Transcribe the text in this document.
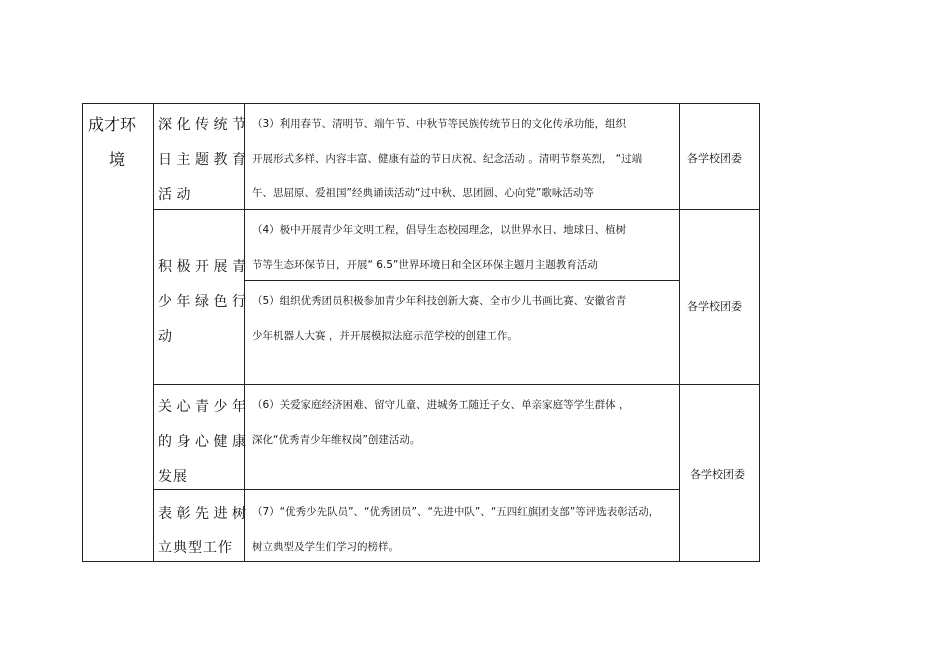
成才环
境
深化传统节
日主题教育
活动
（3）利用春节、清明节、端午节、中秋节等民族传统节日的文化传承功能，组织
开展形式多样、内容丰富、健康有益的节日庆祝、纪念活动 。清明节祭英烈， “过端
午、思屈原、爱祖国”经典诵读活动“过中秋、思团圆、心向党”歌咏活动等
各学校团委
积极开展青
少年绿色行
动
（4）极中开展青少年文明工程，倡导生态校园理念，以世界水日、地球日、植树
节等生态环保节日，开展“ 6.5”世界环境日和全区环保主题月主题教育活动
（5）组织优秀团员积极参加青少年科技创新大赛、全市少儿书画比赛、安徽省青
少年机器人大赛 ，并开展模拟法庭示范学校的创建工作。
各学校团委
关心青少年
的身心健康
发展
（6）关爱家庭经济困难、留守儿童、进城务工随迁子女、单亲家庭等学生群体 ，
深化“优秀青少年维权岗”创建活动。
表彰先进树
立典型工作
（7）“优秀少先队员”、“优秀团员”、“先进中队”、“五四红旗团支部”等评选表彰活动，
树立典型及学生们学习的榜样。
各学校团委
